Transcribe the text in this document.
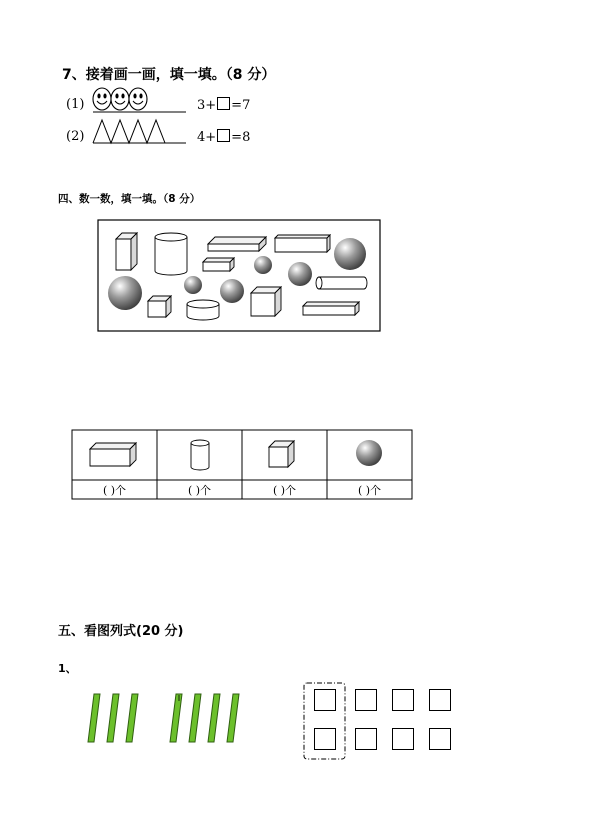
7、接着画一画，填一填。（8 分）
(1)	3+ =7
(2)	4+ =8
四、数一数，填一填。（8 分）
( )个	( )个	( )个	( )个
五、看图列式(20 分)
1、
